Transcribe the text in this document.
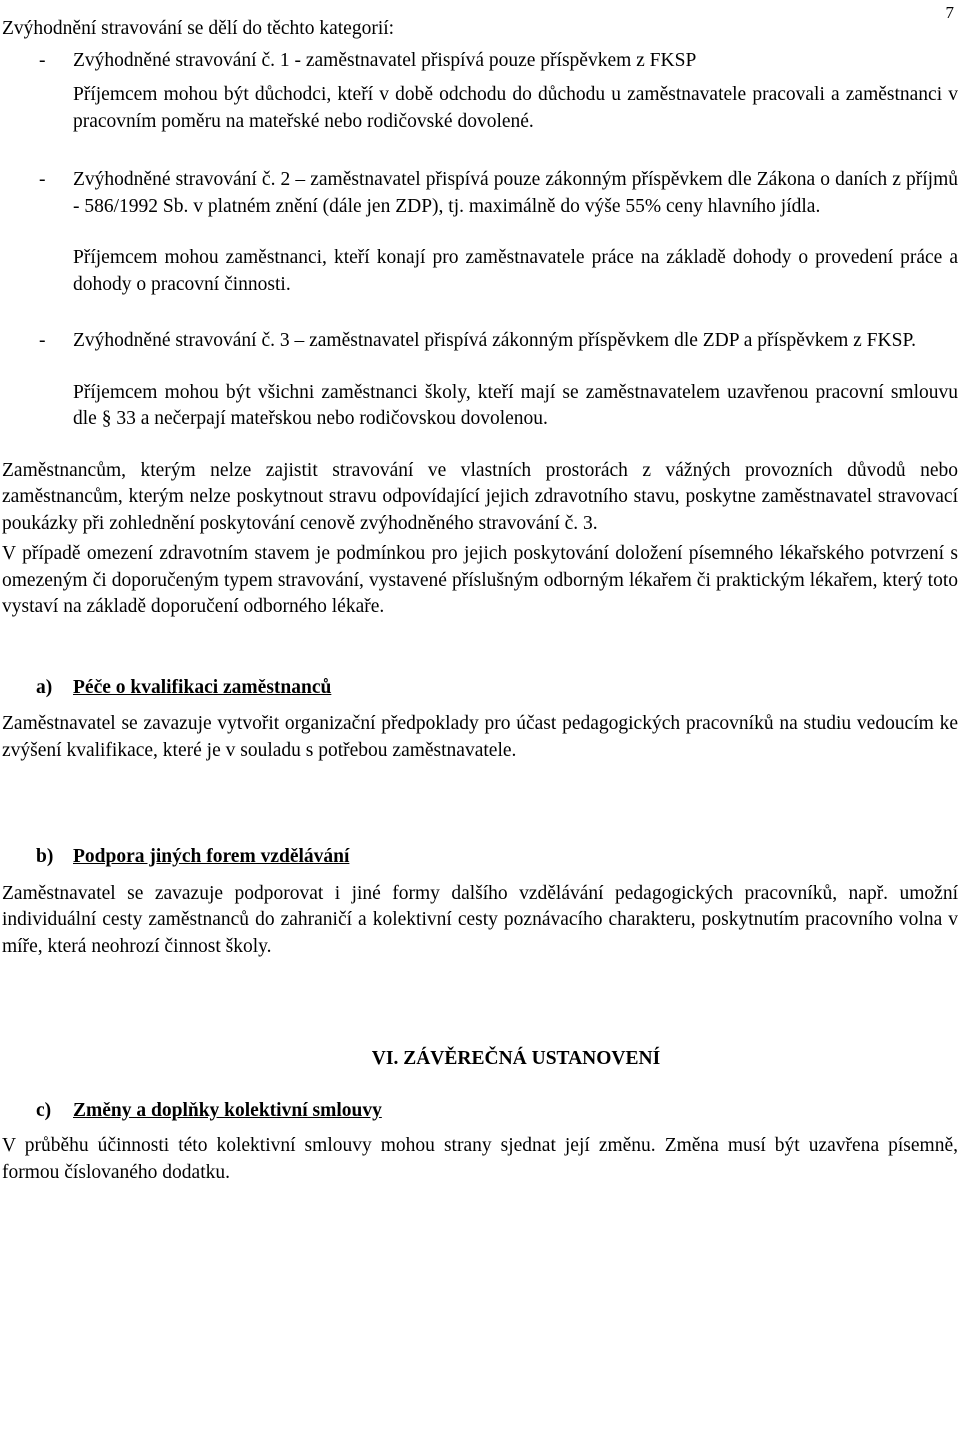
7

Zvýhodnění stravování se dělí do těchto kategorií:

- Zvýhodněné stravování č. 1 - zaměstnavatel přispívá pouze příspěvkem z FKSP

Příjemcem mohou být důchodci, kteří v době odchodu do důchodu u zaměstnavatele pracovali a zaměstnanci v pracovním poměru na mateřské nebo rodičovské dovolené.

- Zvýhodněné stravování č. 2 – zaměstnavatel přispívá pouze zákonným příspěvkem dle Zákona o daních z příjmů - 586/1992 Sb. v platném znění (dále jen ZDP), tj. maximálně do výše 55% ceny hlavního jídla.

Příjemcem mohou zaměstnanci, kteří konají pro zaměstnavatele práce na základě dohody o provedení práce a dohody o pracovní činnosti.

- Zvýhodněné stravování č. 3 – zaměstnavatel přispívá zákonným příspěvkem dle ZDP a příspěvkem z FKSP.

Příjemcem mohou být všichni zaměstnanci školy, kteří mají se zaměstnavatelem uzavřenou pracovní smlouvu dle § 33 a nečerpají mateřskou nebo rodičovskou dovolenou.

Zaměstnancům, kterým nelze zajistit stravování ve vlastních prostorách z vážných provozních důvodů nebo zaměstnancům, kterým nelze poskytnout stravu odpovídající jejich zdravotního stavu, poskytne zaměstnavatel stravovací poukázky při zohlednění poskytování cenově zvýhodněného stravování č. 3.

V případě omezení zdravotním stavem je podmínkou pro jejich poskytování doložení písemného lékařského potvrzení s omezeným či doporučeným typem stravování, vystavené příslušným odborným lékařem či praktickým lékařem, který toto vystaví na základě doporučení odborného lékaře.

a) Péče o kvalifikaci zaměstnanců

Zaměstnavatel se zavazuje vytvořit organizační předpoklady pro účast pedagogických pracovníků na studiu vedoucím ke zvýšení kvalifikace, které je v souladu s potřebou zaměstnavatele.

b) Podpora jiných forem vzdělávání

Zaměstnavatel se zavazuje podporovat i jiné formy dalšího vzdělávání pedagogických pracovníků, např. umožní individuální cesty zaměstnanců do zahraničí a kolektivní cesty poznávacího charakteru, poskytnutím pracovního volna v míře, která neohrozí činnost školy.

VI. ZÁVĚREČNÁ USTANOVENÍ

c) Změny a doplňky kolektivní smlouvy

V průběhu účinnosti této kolektivní smlouvy mohou strany sjednat její změnu. Změna musí být uzavřena písemně, formou číslovaného dodatku.
